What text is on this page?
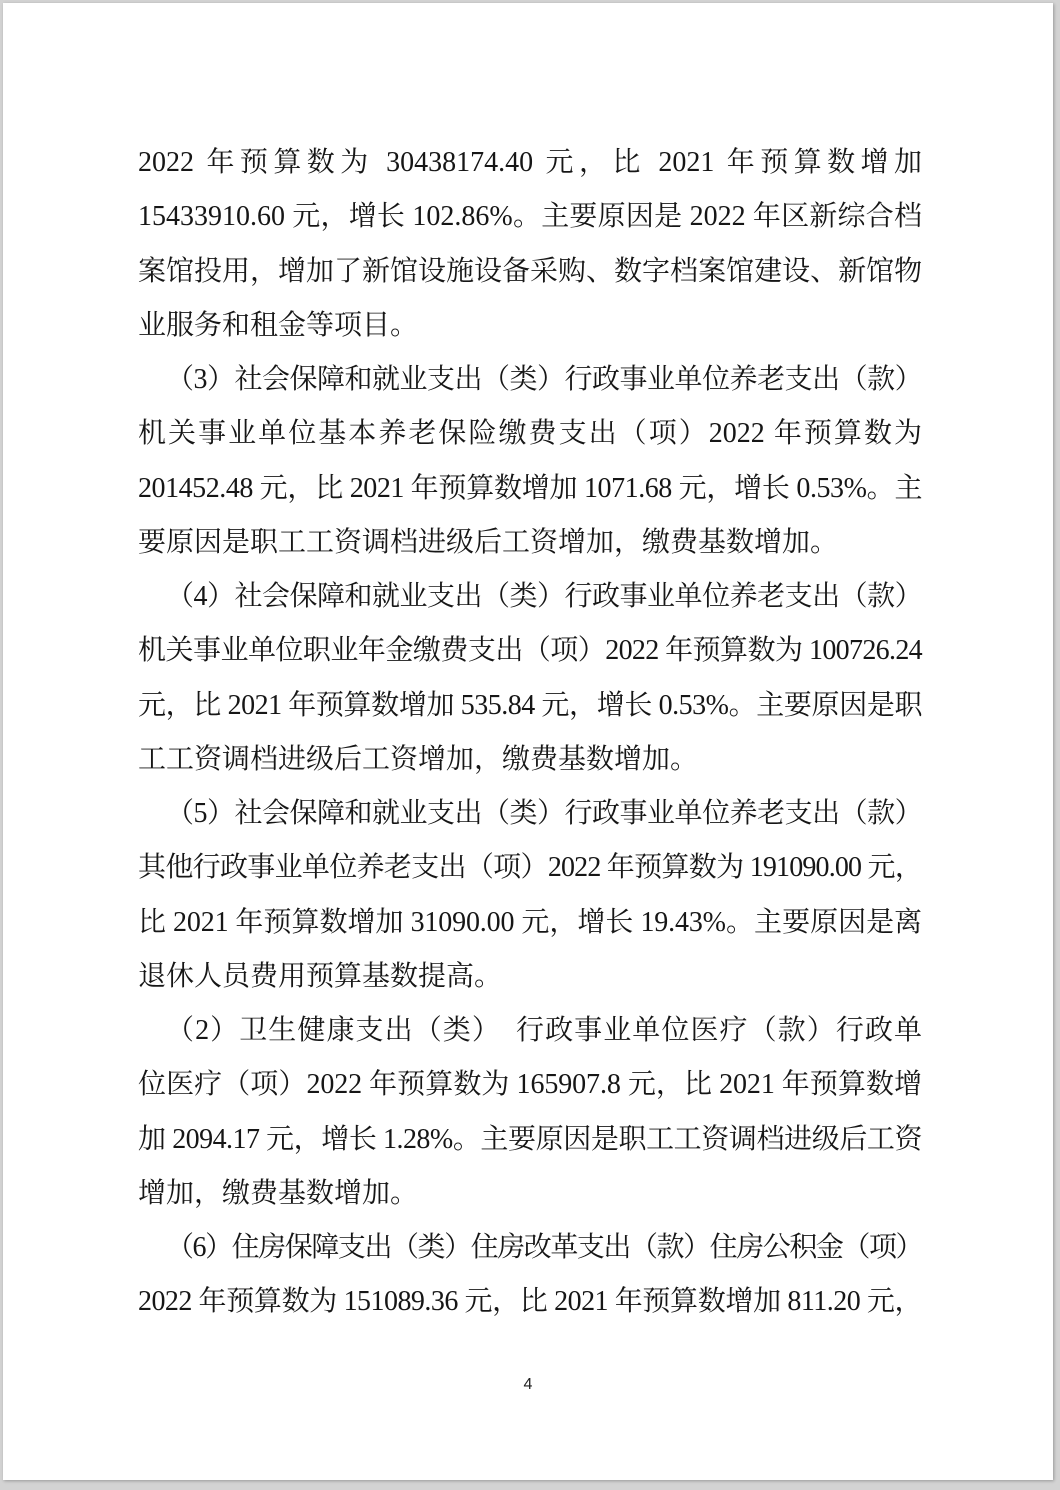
2022 年预算数为 30438174.40 元，比 2021 年预算数增加
15433910.60 元，增长 102.86%。主要原因是 2022 年区新综合档
案馆投用，增加了新馆设施设备采购、数字档案馆建设、新馆物
业服务和租金等项目。
（3）社会保障和就业支出（类）行政事业单位养老支出（款）
机关事业单位基本养老保险缴费支出（项）2022 年预算数为
201452.48 元，比 2021 年预算数增加 1071.68 元，增长 0.53%。主
要原因是职工工资调档进级后工资增加，缴费基数增加。
（4）社会保障和就业支出（类）行政事业单位养老支出（款）
机关事业单位职业年金缴费支出（项）2022 年预算数为 100726.24
元，比 2021 年预算数增加 535.84 元，增长 0.53%。主要原因是职
工工资调档进级后工资增加，缴费基数增加。
（5）社会保障和就业支出（类）行政事业单位养老支出（款）
其他行政事业单位养老支出（项）2022 年预算数为 191090.00 元，
比 2021 年预算数增加 31090.00 元，增长 19.43%。主要原因是离
退休人员费用预算基数提高。
（2）卫生健康支出（类）　行政事业单位医疗（款）行政单
位医疗（项）2022 年预算数为 165907.8 元，比 2021 年预算数增
加 2094.17 元，增长 1.28%。主要原因是职工工资调档进级后工资
增加，缴费基数增加。
（6）住房保障支出（类）住房改革支出（款）住房公积金（项）
2022 年预算数为 151089.36 元，比 2021 年预算数增加 811.20 元，
4
